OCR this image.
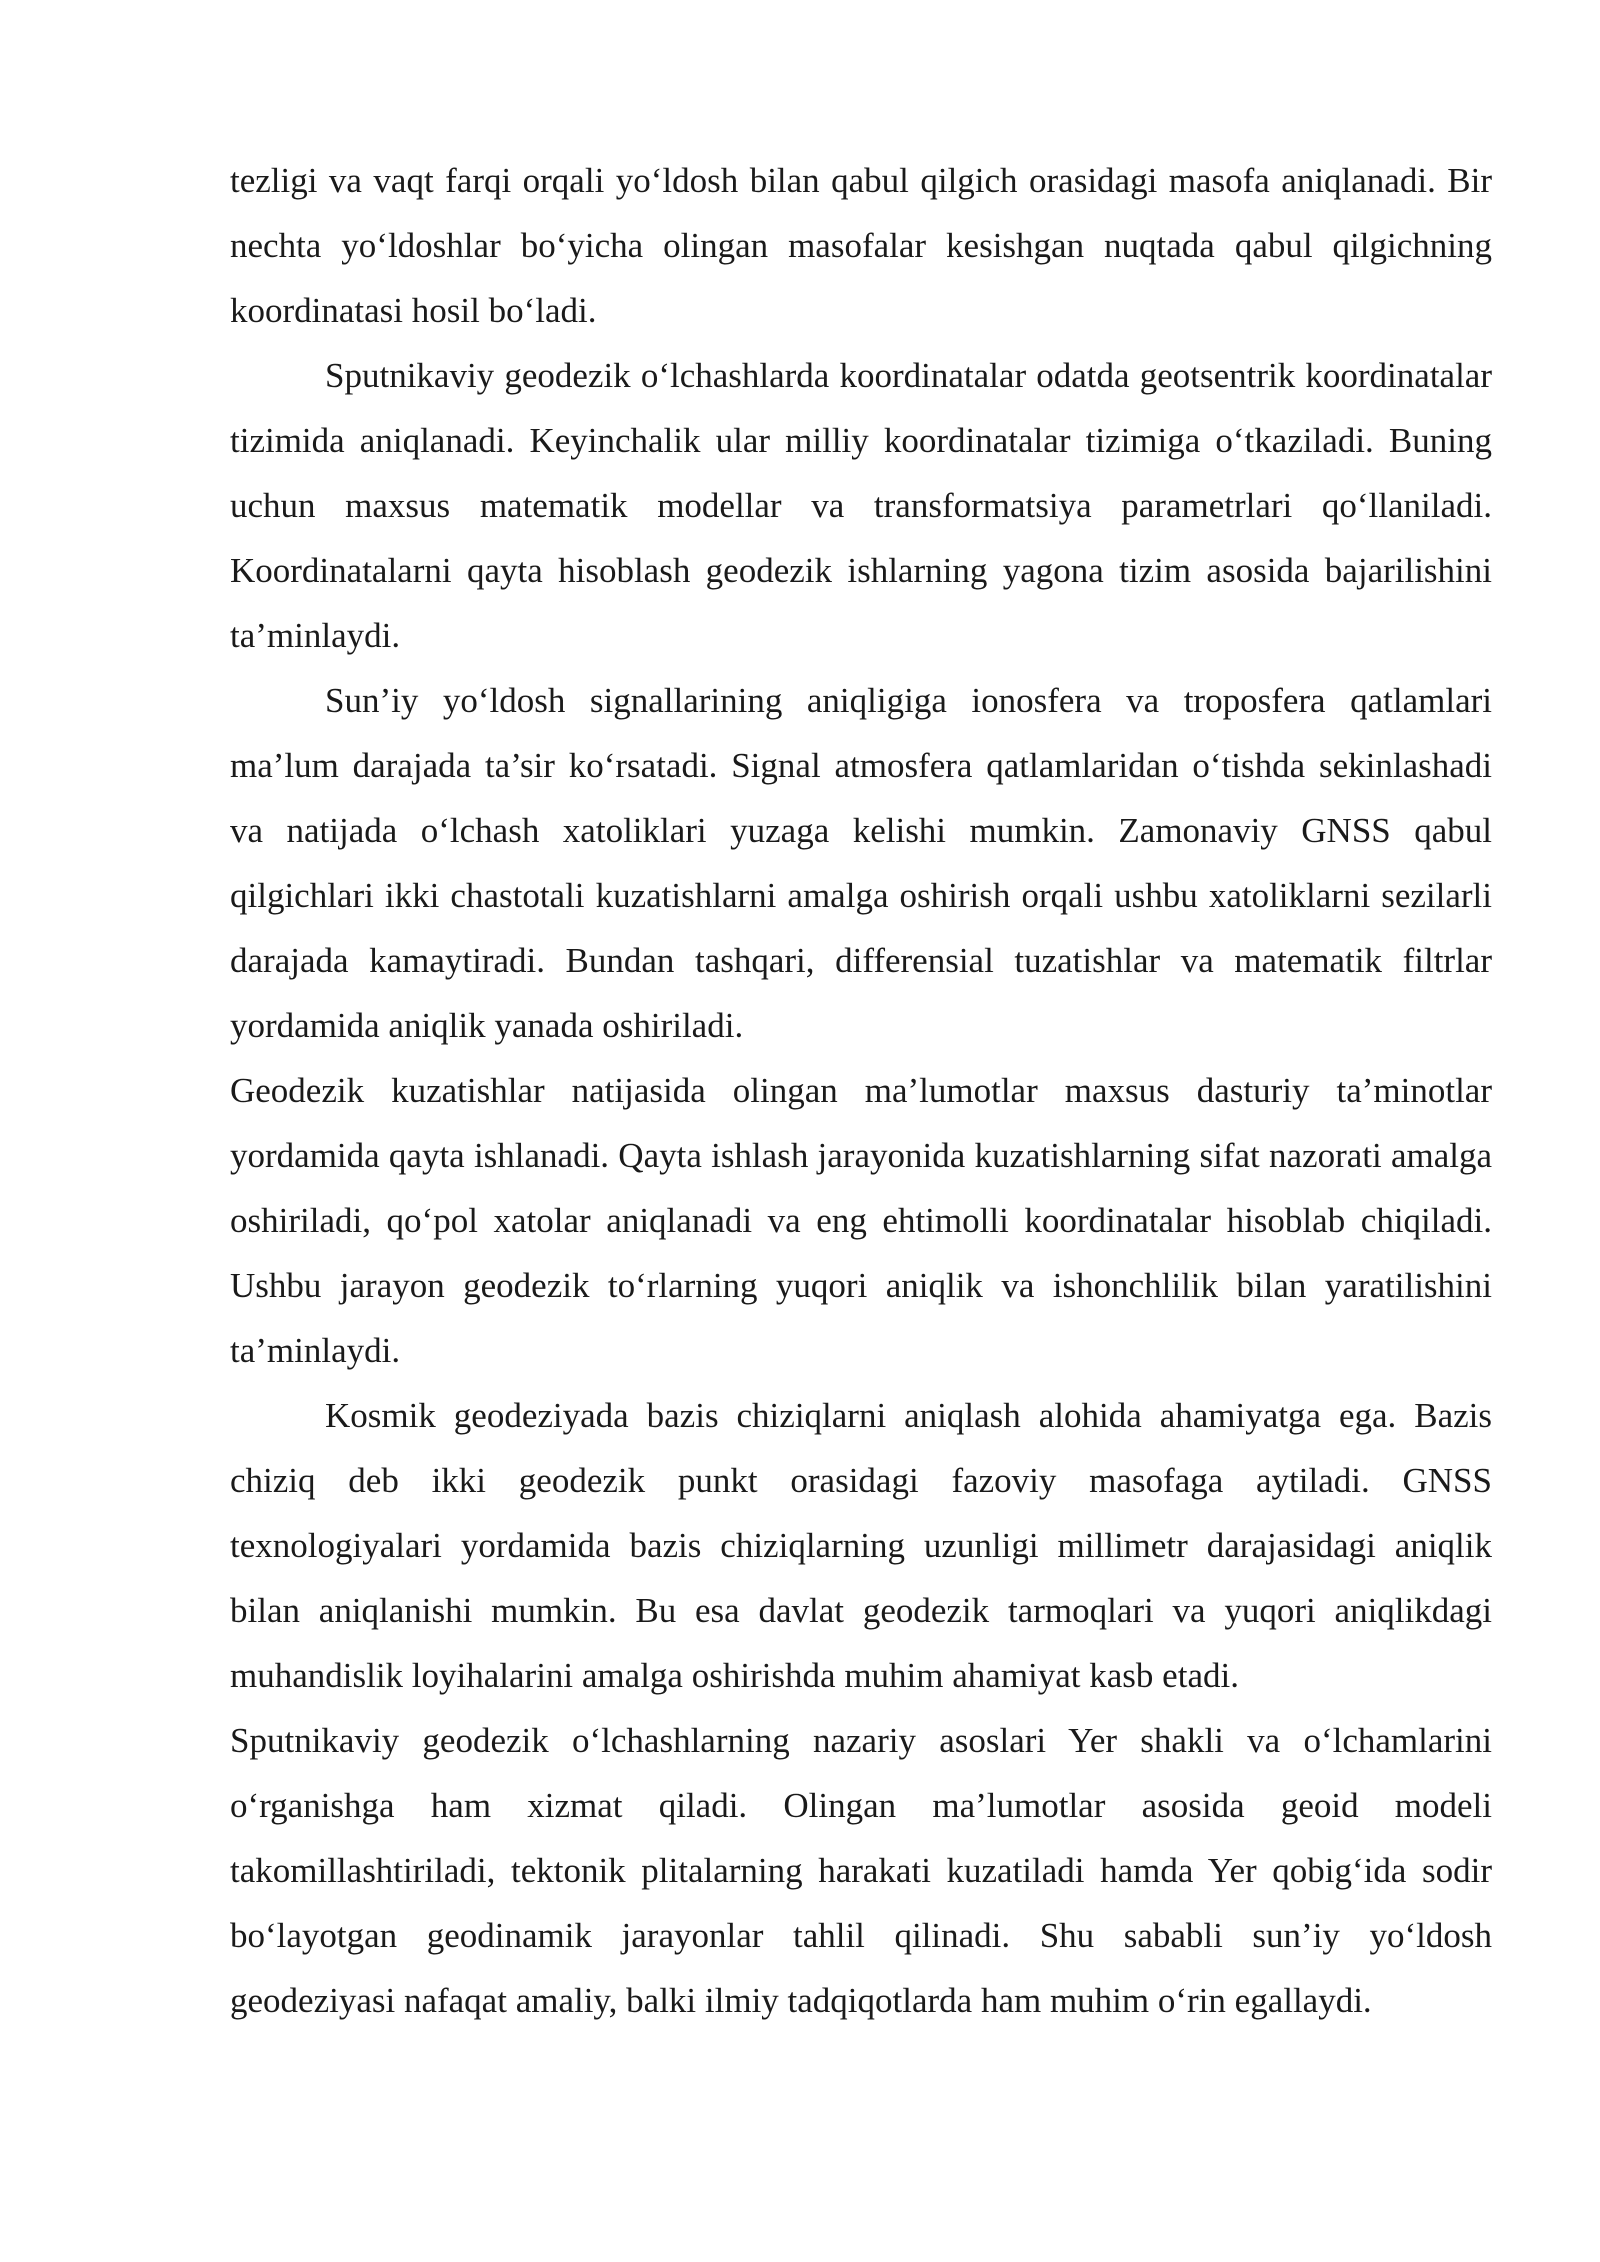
tezligi va vaqt farqi orqali yo‘ldosh bilan qabul qilgich orasidagi masofa aniqlanadi. Bir nechta yo‘ldoshlar bo‘yicha olingan masofalar kesishgan nuqtada qabul qilgichning koordinatasi hosil bo‘ladi.

Sputnikaviy geodezik o‘lchashlarda koordinatalar odatda geotsentrik koordinatalar tizimida aniqlanadi. Keyinchalik ular milliy koordinatalar tizimiga o‘tkaziladi. Buning uchun maxsus matematik modellar va transformatsiya parametrlari qo‘llaniladi. Koordinatalarni qayta hisoblash geodezik ishlarning yagona tizim asosida bajarilishini ta’minlaydi.

Sun’iy yo‘ldosh signallarining aniqligiga ionosfera va troposfera qatlamlari ma’lum darajada ta’sir ko‘rsatadi. Signal atmosfera qatlamlaridan o‘tishda sekinlashadi va natijada o‘lchash xatoliklari yuzaga kelishi mumkin. Zamonaviy GNSS qabul qilgichlari ikki chastotali kuzatishlarni amalga oshirish orqali ushbu xatoliklarni sezilarli darajada kamaytiradi. Bundan tashqari, differensial tuzatishlar va matematik filtrlar yordamida aniqlik yanada oshiriladi.

Geodezik kuzatishlar natijasida olingan ma’lumotlar maxsus dasturiy ta’minotlar yordamida qayta ishlanadi. Qayta ishlash jarayonida kuzatishlarning sifat nazorati amalga oshiriladi, qo‘pol xatolar aniqlanadi va eng ehtimolli koordinatalar hisoblab chiqiladi. Ushbu jarayon geodezik to‘rlarning yuqori aniqlik va ishonchlilik bilan yaratilishini ta’minlaydi.

Kosmik geodeziyada bazis chiziqlarni aniqlash alohida ahamiyatga ega. Bazis chiziq deb ikki geodezik punkt orasidagi fazoviy masofaga aytiladi. GNSS texnologiyalari yordamida bazis chiziqlarning uzunligi millimetr darajasidagi aniqlik bilan aniqlanishi mumkin. Bu esa davlat geodezik tarmoqlari va yuqori aniqlikdagi muhandislik loyihalarini amalga oshirishda muhim ahamiyat kasb etadi.

Sputnikaviy geodezik o‘lchashlarning nazariy asoslari Yer shakli va o‘lchamlarini o‘rganishga ham xizmat qiladi. Olingan ma’lumotlar asosida geoid modeli takomillashtiriladi, tektonik plitalarning harakati kuzatiladi hamda Yer qobig‘ida sodir bo‘layotgan geodinamik jarayonlar tahlil qilinadi. Shu sababli sun’iy yo‘ldosh geodeziyasi nafaqat amaliy, balki ilmiy tadqiqotlarda ham muhim o‘rin egallaydi.
